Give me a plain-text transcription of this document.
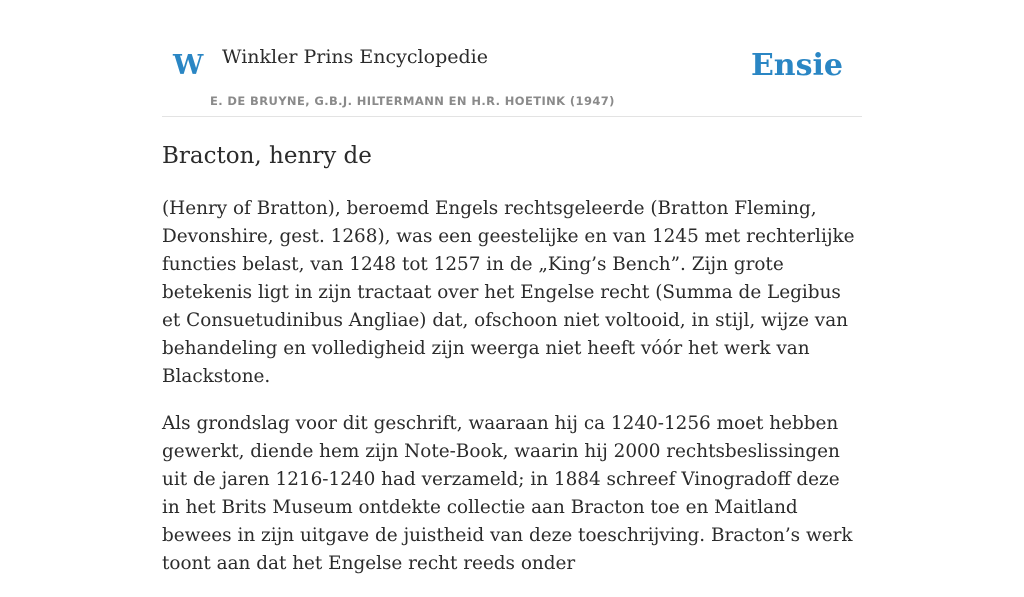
W Winkler Prins Encyclopedie
E. DE BRUYNE, G.B.J. HILTERMANN EN H.R. HOETINK (1947)
Ensie
Bracton, henry de

(Henry of Bratton), beroemd Engels rechtsgeleerde (Bratton Fleming, Devonshire, gest. 1268), was een geestelijke en van 1245 met rechterlijke functies belast, van 1248 tot 1257 in de „King’s Bench”. Zijn grote betekenis ligt in zijn tractaat over het Engelse recht (Summa de Legibus et Consuetudinibus Angliae) dat, ofschoon niet voltooid, in stijl, wijze van behandeling en volledigheid zijn weerga niet heeft vóór het werk van Blackstone.

Als grondslag voor dit geschrift, waaraan hij ca 1240-1256 moet hebben gewerkt, diende hem zijn Note-Book, waarin hij 2000 rechtsbeslissingen uit de jaren 1216-1240 had verzameld; in 1884 schreef Vinogradoff deze in het Brits Museum ontdekte collectie aan Bracton toe en Maitland bewees in zijn uitgave de juistheid van deze toeschrijving. Bracton’s werk toont aan dat het Engelse recht reeds onder
